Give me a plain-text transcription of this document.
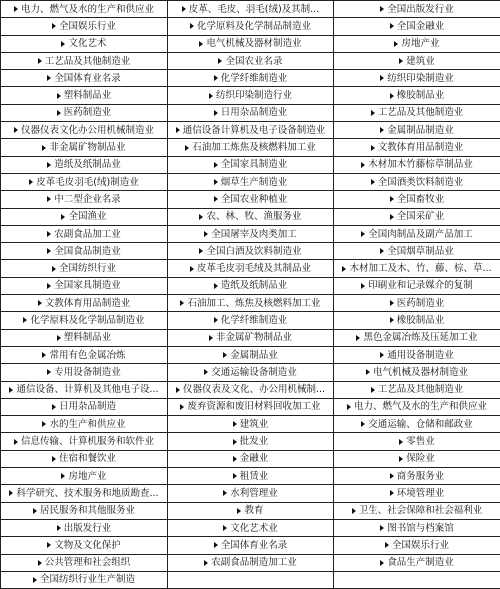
电力、燃气及水的生产和供应业	皮革、毛皮、羽毛(绒)及其制...	全国出版发行业

全国娱乐行业	化学原料及化学制品制造业	全国金融业

文化艺术	电气机械及器材制造业	房地产业

工艺品及其他制造业	全国农业名录	建筑业

全国体育业名录	化学纤维制造业	纺织印染制造业

塑料制品业	纺织印染制造行业	橡胶制品业

医药制造业	日用杂品制造业	工艺品及其他制造业

仪器仪表文化办公用机械制造业	通信设备计算机及电子设备制造业	金属制品制造业

非金属矿物制品业	石油加工炼焦及核燃料加工业	文教体育用品制造业

造纸及纸制品业	全国家具制造业	木材加木竹藤棕草制品业

皮革毛皮羽毛(绒)制造业	烟草生产制造业	全国酒类饮料制造业

中二型企业名录	全国农业种植业	全国畜牧业

全国渔业	农、林、牧、渔服务业	全国采矿业

农副食品加工业	全国屠宰及肉类加工	全国肉制品及副产品加工

全国食品制造业	全国白酒及饮料制造业	全国烟草制品业

全国纺织行业	皮革毛皮羽毛绒及其制品业	木材加工及木、竹、藤、棕、草...

全国家具制造业	造纸及纸制品业	印刷业和记录媒介的复制

文教体育用品制造业	石油加工、炼焦及核燃料加工业	医药制造业

化学原料及化学制品制造业	化学纤维制造业	橡胶制品业

塑料制品业	非金属矿物制品业	黑色金属冶炼及压延加工业

常用有色金属冶炼	金属制品业	通用设备制造业

专用设备制造业	交通运输设备制造业	电气机械及器材制造业

通信设备、计算机及其他电子设...	仪器仪表及文化、办公用机械制...	工艺品及其他制造业

日用杂品制造	废弃资源和废旧材料回收加工业	电力、燃气及水的生产和供应业

水的生产和供应业	建筑业	交通运输、仓储和邮政业

信息传输、计算机服务和软件业	批发业	零售业

住宿和餐饮业	金融业	保险业

房地产业	租赁业	商务服务业

科学研究、技术服务和地质勘查...	水利管理业	环境管理业

居民服务和其他服务业	教育	卫生、社会保障和社会福利业

出版发行业	文化艺术业	图书馆与档案馆

文物及文化保护	全国体育业名录	全国娱乐行业

公共管理和社会组织	农副食品制造加工业	食品生产制造业

全国纺织行业生产制造		
